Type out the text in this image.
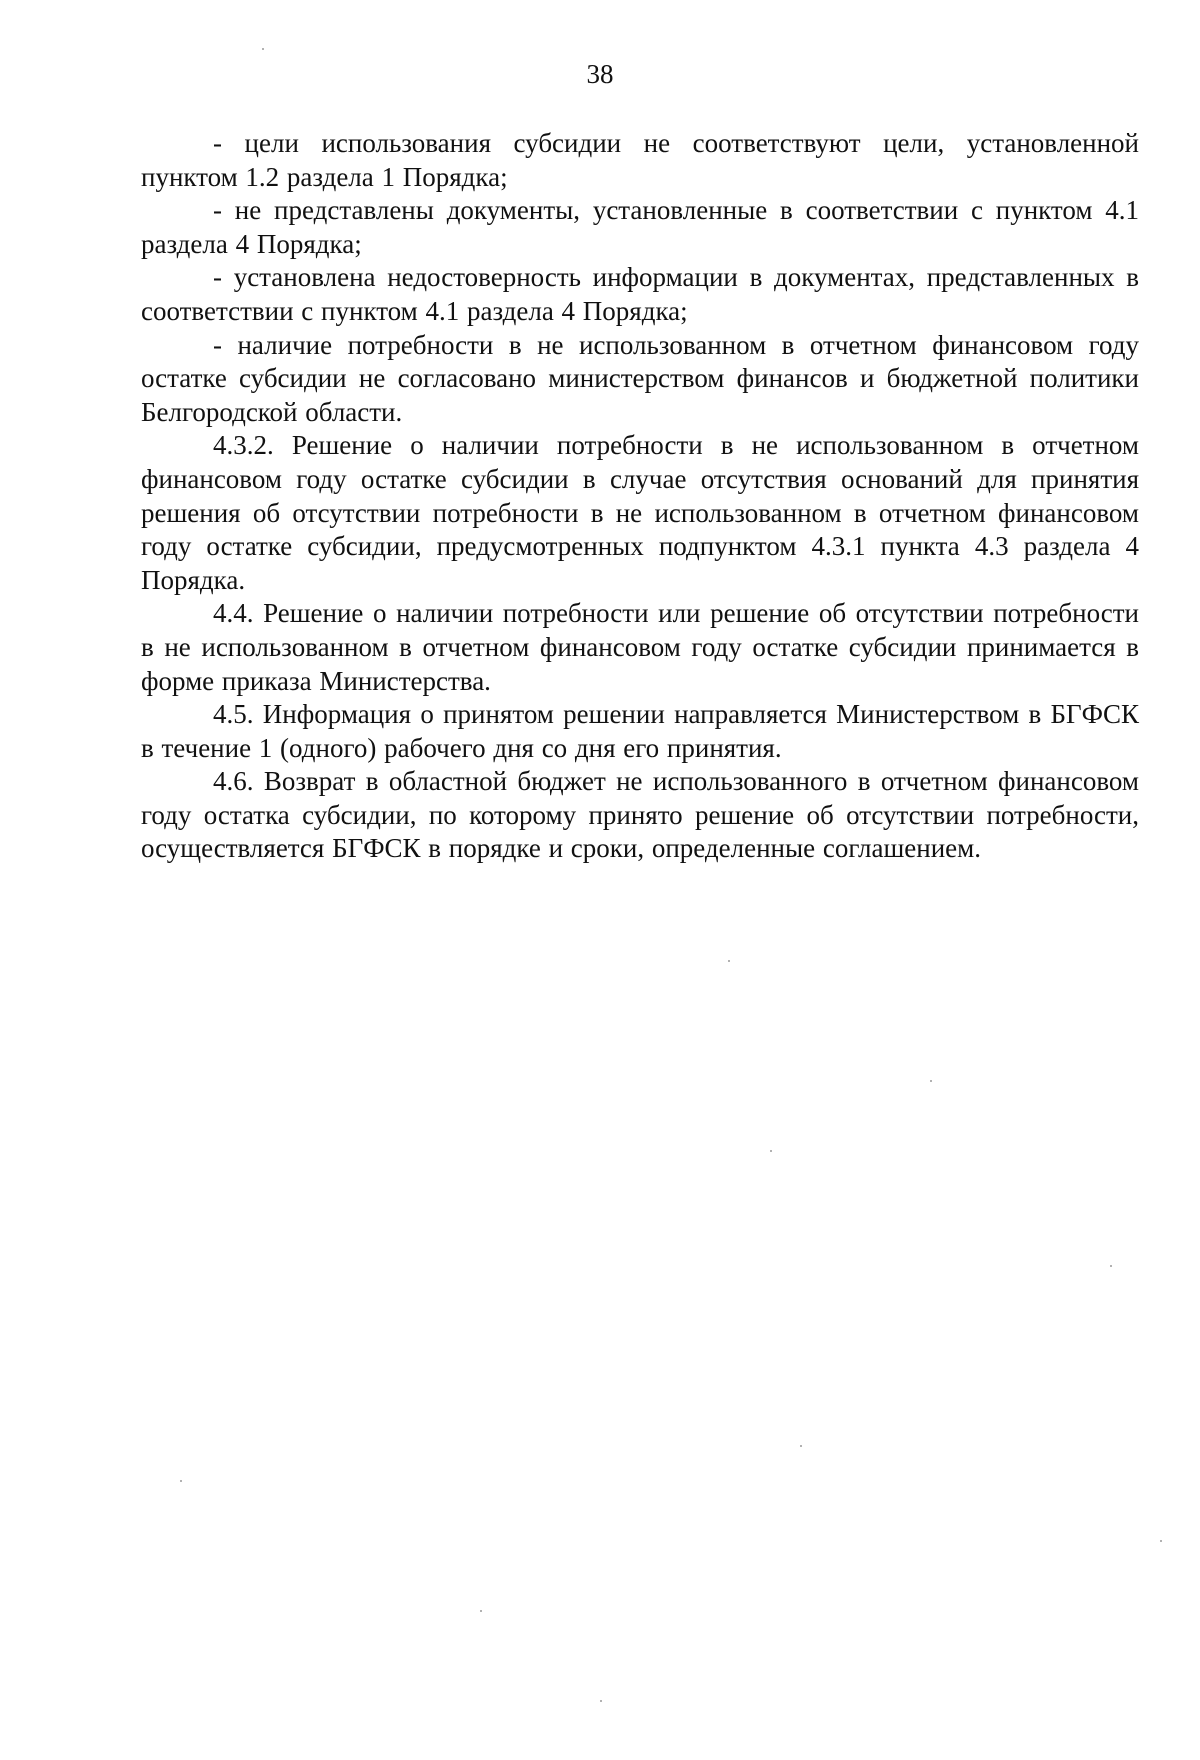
38

- цели использования субсидии не соответствуют цели, установленной пунктом 1.2 раздела 1 Порядка;

- не представлены документы, установленные в соответствии с пунктом 4.1 раздела 4 Порядка;

- установлена недостоверность информации в документах, представленных в соответствии с пунктом 4.1 раздела 4 Порядка;

- наличие потребности в не использованном в отчетном финансовом году остатке субсидии не согласовано министерством финансов и бюджетной политики Белгородской области.

4.3.2. Решение о наличии потребности в не использованном в отчетном финансовом году остатке субсидии в случае отсутствия оснований для принятия решения об отсутствии потребности в не использованном в отчетном финансовом году остатке субсидии, предусмотренных подпунктом 4.3.1 пункта 4.3 раздела 4 Порядка.

4.4. Решение о наличии потребности или решение об отсутствии потребности в не использованном в отчетном финансовом году остатке субсидии принимается в форме приказа Министерства.

4.5. Информация о принятом решении направляется Министерством в БГФСК в течение 1 (одного) рабочего дня со дня его принятия.

4.6. Возврат в областной бюджет не использованного в отчетном финансовом году остатка субсидии, по которому принято решение об отсутствии потребности, осуществляется БГФСК в порядке и сроки, определенные соглашением.
